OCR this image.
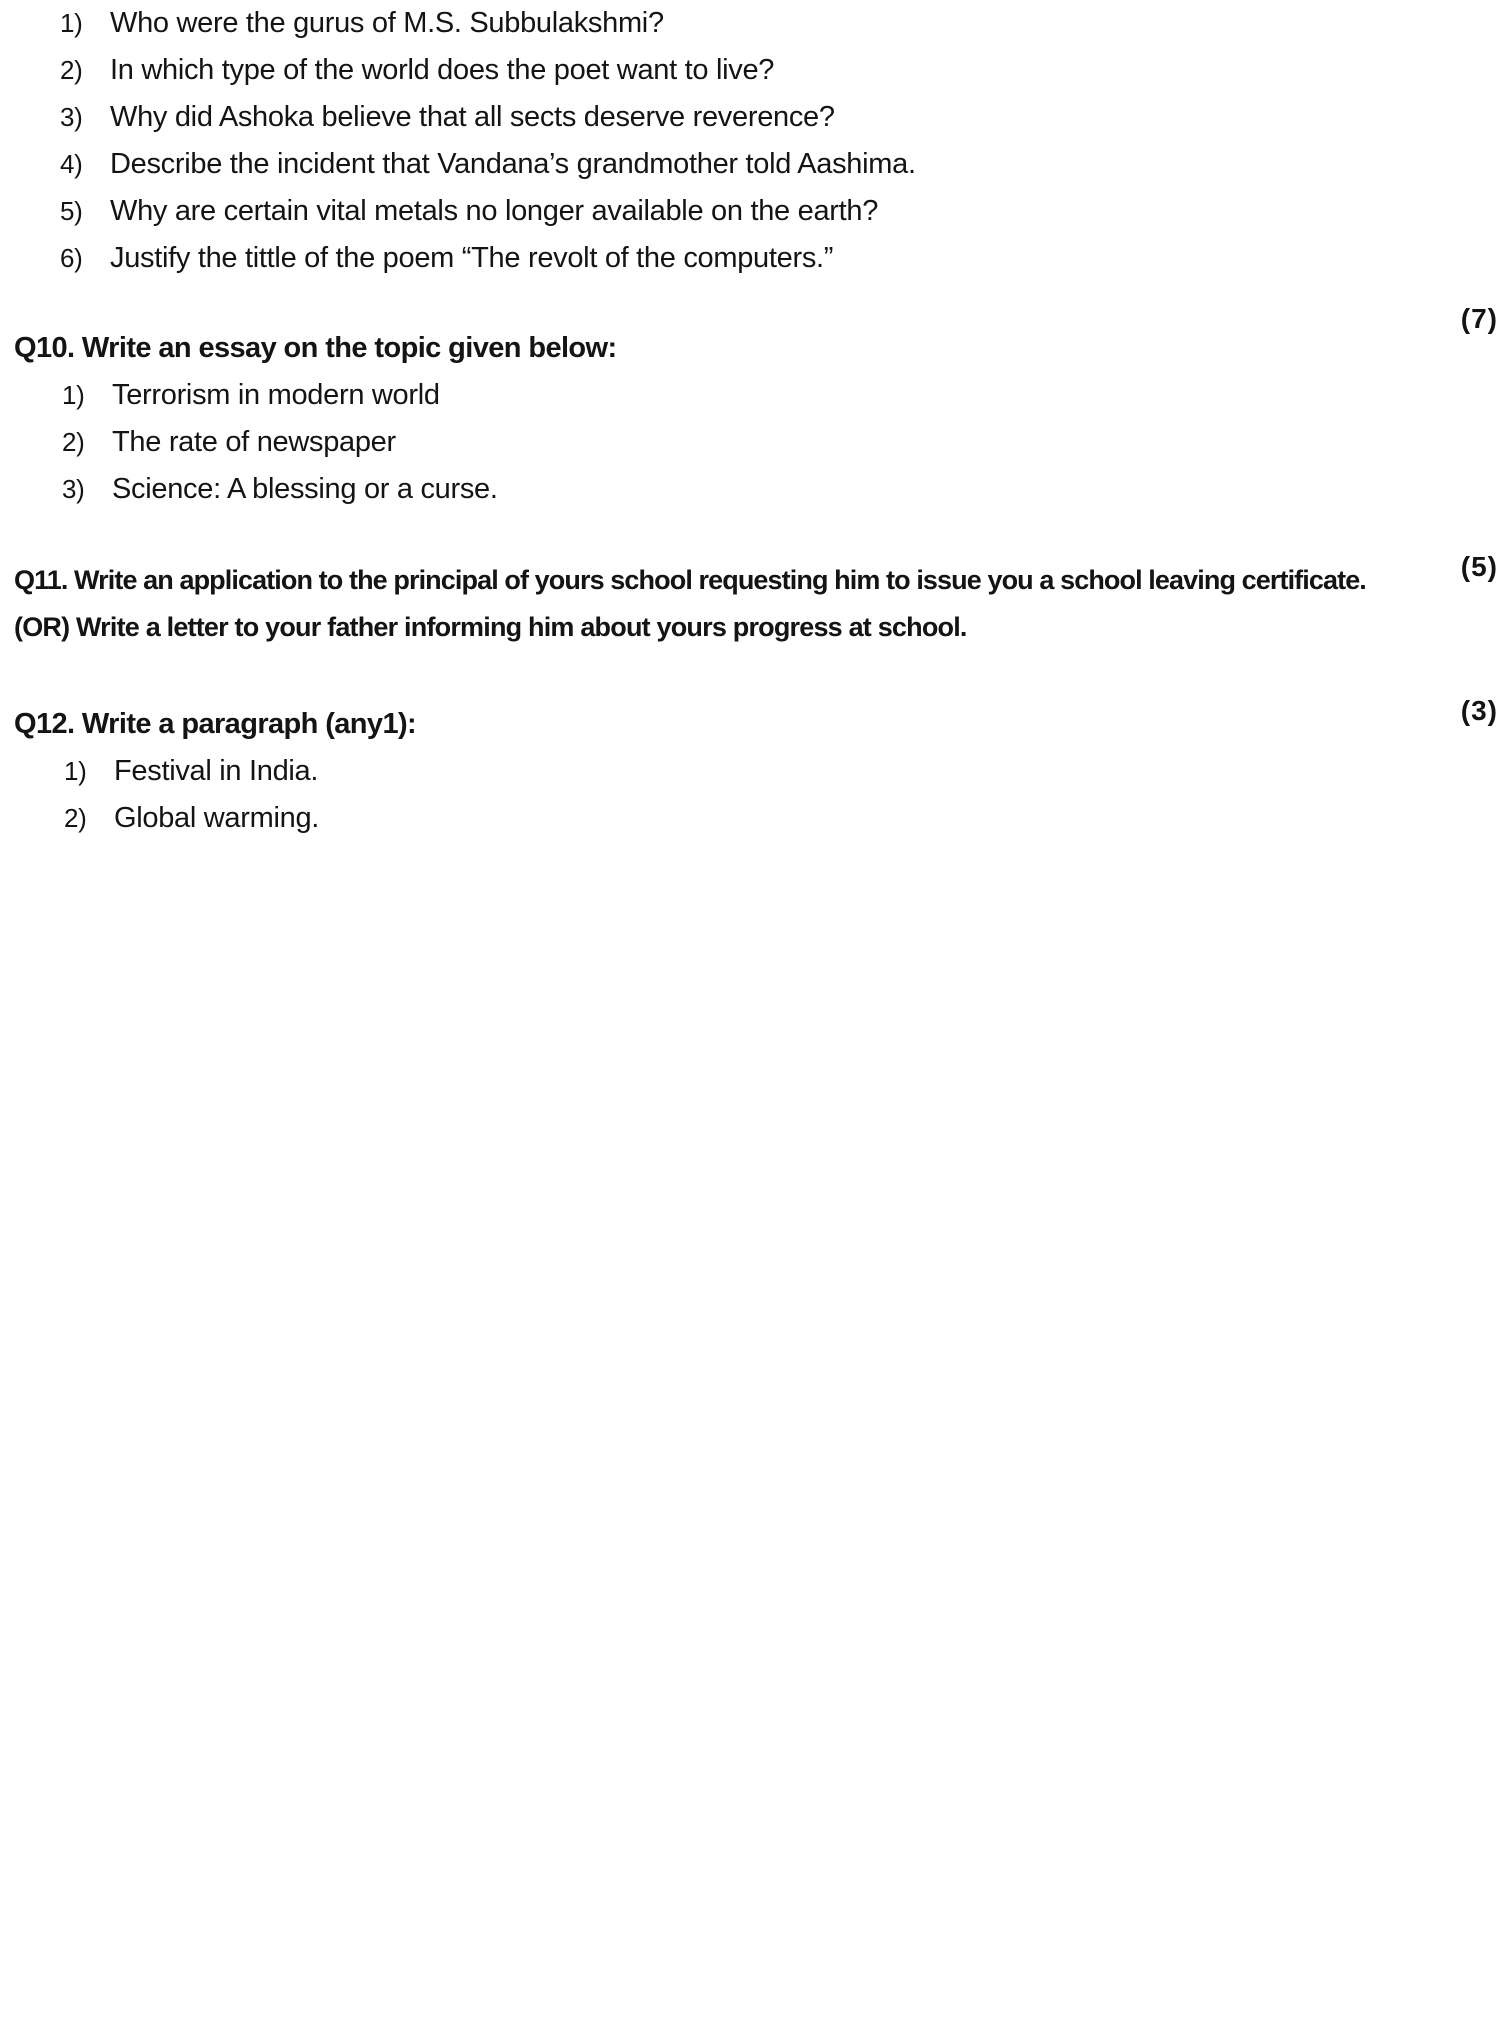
1) Who were the gurus of M.S. Subbulakshmi?
2) In which type of the world does the poet want to live?
3) Why did Ashoka believe that all sects deserve reverence?
4) Describe the incident that Vandana’s grandmother told Aashima.
5) Why are certain vital metals no longer available on the earth?
6) Justify the tittle of the poem “The revolt of the computers.”
(7)
Q10. Write an essay on the topic given below:
1) Terrorism in modern world
2) The rate of newspaper
3) Science: A blessing or a curse.
(5)
Q11. Write an application to the principal of yours school requesting him to issue you a school leaving certificate.
(OR) Write a letter to your father informing him about yours progress at school.
(3)
Q12. Write a paragraph (any1):
1) Festival in India.
2) Global warming.
